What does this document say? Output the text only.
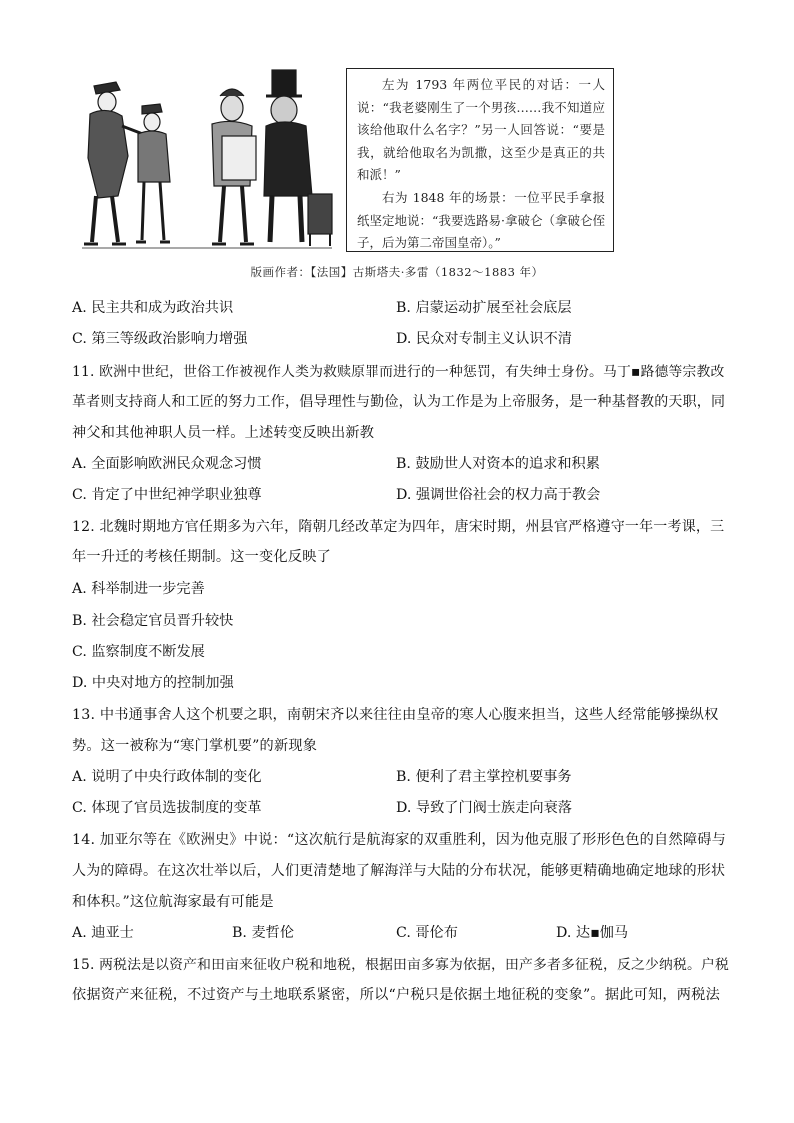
左为 1793 年两位平民的对话：一人说：“我老婆刚生了一个男孩……我不知道应该给他取什么名字？”另一人回答说：“要是我，就给他取名为凯撒，这至少是真正的共和派！”

右为 1848 年的场景：一位平民手拿报纸坚定地说：“我要选路易·拿破仑（拿破仑侄子，后为第二帝国皇帝）。”

版画作者：【法国】古斯塔夫·多雷（1832～1883 年）
A. 民主共和成为政治共识	B. 启蒙运动扩展至社会底层
C. 第三等级政治影响力增强	D. 民众对专制主义认识不清
11. 欧洲中世纪，世俗工作被视作人类为救赎原罪而进行的一种惩罚，有失绅士身份。马丁▪路德等宗教改
革者则支持商人和工匠的努力工作，倡导理性与勤俭，认为工作是为上帝服务，是一种基督教的天职，同
神父和其他神职人员一样。上述转变反映出新教
A. 全面影响欧洲民众观念习惯	B. 鼓励世人对资本的追求和积累
C. 肯定了中世纪神学职业独尊	D. 强调世俗社会的权力高于教会
12. 北魏时期地方官任期多为六年，隋朝几经改革定为四年，唐宋时期，州县官严格遵守一年一考课，三
年一升迁的考核任期制。这一变化反映了
A. 科举制进一步完善
B. 社会稳定官员晋升较快
C. 监察制度不断发展
D. 中央对地方的控制加强
13. 中书通事舍人这个机要之职，南朝宋齐以来往往由皇帝的寒人心腹来担当，这些人经常能够操纵权
势。这一被称为“寒门掌机要”的新现象
A. 说明了中央行政体制的变化	B. 便利了君主掌控机要事务
C. 体现了官员选拔制度的变革	D. 导致了门阀士族走向衰落
14. 加亚尔等在《欧洲史》中说：“这次航行是航海家的双重胜利，因为他克服了形形色色的自然障碍与
人为的障碍。在这次壮举以后，人们更清楚地了解海洋与大陆的分布状况，能够更精确地确定地球的形状
和体积。”这位航海家最有可能是
A. 迪亚士	B. 麦哲伦	C. 哥伦布	D. 达▪伽马
15. 两税法是以资产和田亩来征收户税和地税，根据田亩多寡为依据，田产多者多征税，反之少纳税。户税
依据资产来征税，不过资产与土地联系紧密，所以“户税只是依据土地征税的变象”。据此可知，两税法
